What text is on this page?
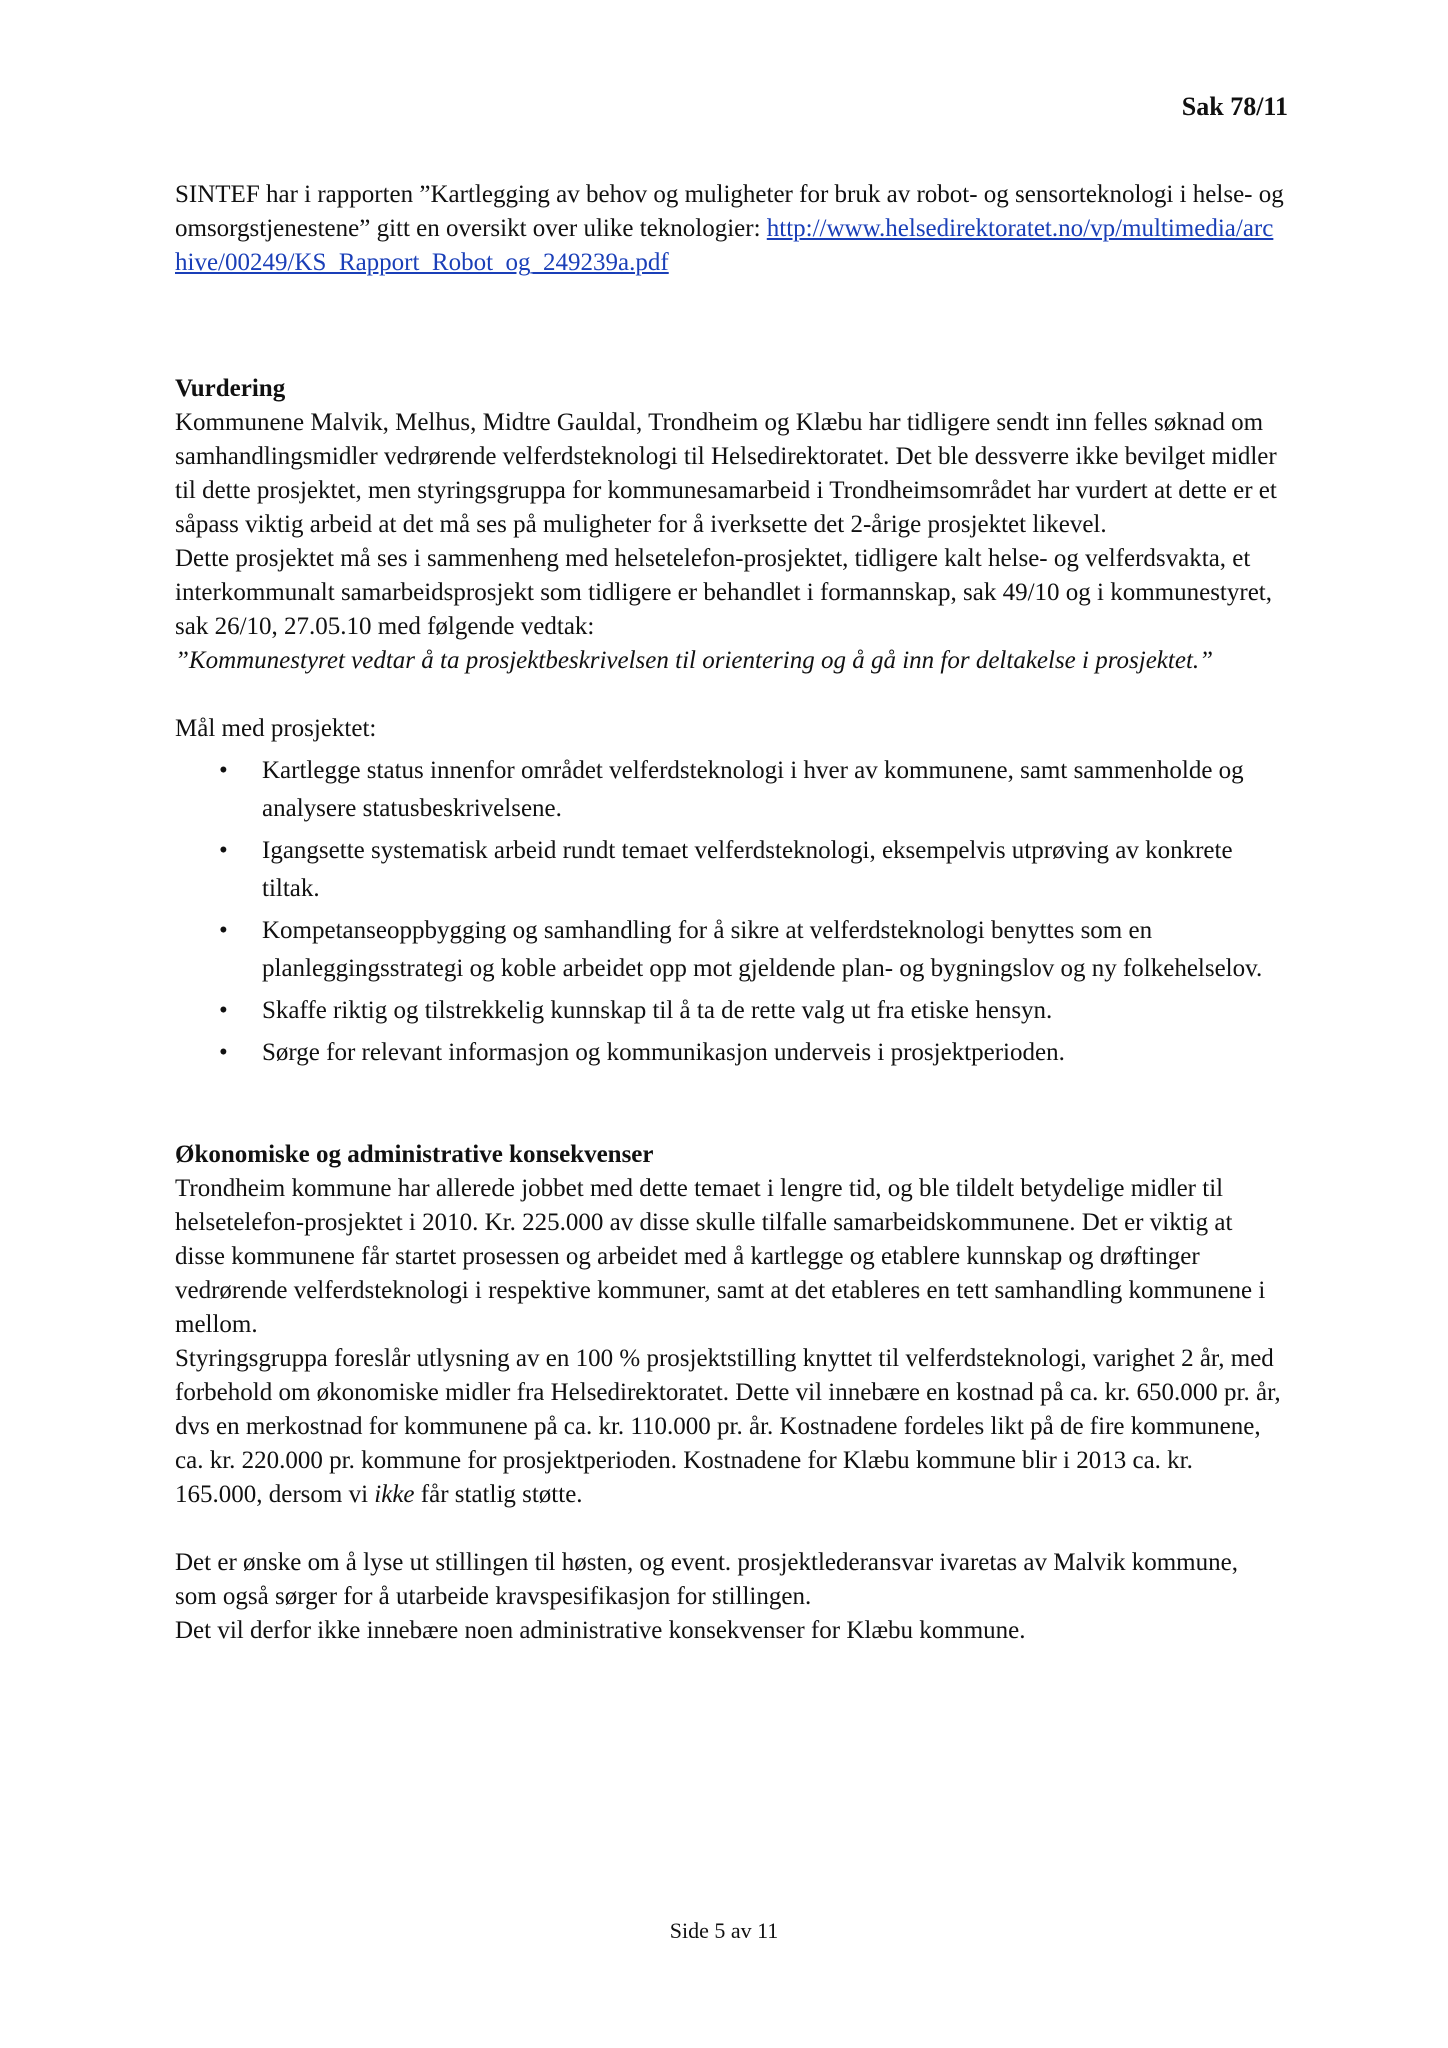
Sak 78/11

SINTEF har i rapporten ”Kartlegging av behov og muligheter for bruk av robot- og sensorteknologi i helse- og omsorgstjenestene” gitt en oversikt over ulike teknologier: http://www.helsedirektoratet.no/vp/multimedia/archive/00249/KS_Rapport_Robot_og_249239a.pdf

Vurdering

Kommunene Malvik, Melhus, Midtre Gauldal, Trondheim og Klæbu har tidligere sendt inn felles søknad om samhandlingsmidler vedrørende velferdsteknologi til Helsedirektoratet. Det ble dessverre ikke bevilget midler til dette prosjektet, men styringsgruppa for kommunesamarbeid i Trondheimsområdet har vurdert at dette er et såpass viktig arbeid at det må ses på muligheter for å iverksette det 2-årige prosjektet likevel.

Dette prosjektet må ses i sammenheng med helsetelefon-prosjektet, tidligere kalt helse- og velferdsvakta, et interkommunalt samarbeidsprosjekt som tidligere er behandlet i formannskap, sak 49/10 og i kommunestyret, sak 26/10, 27.05.10 med følgende vedtak:

”Kommunestyret vedtar å ta prosjektbeskrivelsen til orientering og å gå inn for deltakelse i prosjektet.”

Mål med prosjektet:

• Kartlegge status innenfor området velferdsteknologi i hver av kommunene, samt sammenholde og analysere statusbeskrivelsene.
• Igangsette systematisk arbeid rundt temaet velferdsteknologi, eksempelvis utprøving av konkrete tiltak.
• Kompetanseoppbygging og samhandling for å sikre at velferdsteknologi benyttes som en planleggingsstrategi og koble arbeidet opp mot gjeldende plan- og bygningslov og ny folkehelselov.
• Skaffe riktig og tilstrekkelig kunnskap til å ta de rette valg ut fra etiske hensyn.
• Sørge for relevant informasjon og kommunikasjon underveis i prosjektperioden.

Økonomiske og administrative konsekvenser

Trondheim kommune har allerede jobbet med dette temaet i lengre tid, og ble tildelt betydelige midler til helsetelefon-prosjektet i 2010. Kr. 225.000 av disse skulle tilfalle samarbeidskommunene. Det er viktig at disse kommunene får startet prosessen og arbeidet med å kartlegge og etablere kunnskap og drøftinger vedrørende velferdsteknologi i respektive kommuner, samt at det etableres en tett samhandling kommunene i mellom.

Styringsgruppa foreslår utlysning av en 100 % prosjektstilling knyttet til velferdsteknologi, varighet 2 år, med forbehold om økonomiske midler fra Helsedirektoratet. Dette vil innebære en kostnad på ca. kr. 650.000 pr. år, dvs en merkostnad for kommunene på ca. kr. 110.000 pr. år. Kostnadene fordeles likt på de fire kommunene, ca. kr. 220.000 pr. kommune for prosjektperioden. Kostnadene for Klæbu kommune blir i 2013 ca. kr. 165.000, dersom vi ikke får statlig støtte.

Det er ønske om å lyse ut stillingen til høsten, og event. prosjektlederansvar ivaretas av Malvik kommune, som også sørger for å utarbeide kravspesifikasjon for stillingen.

Det vil derfor ikke innebære noen administrative konsekvenser for Klæbu kommune.

Side 5 av 11
